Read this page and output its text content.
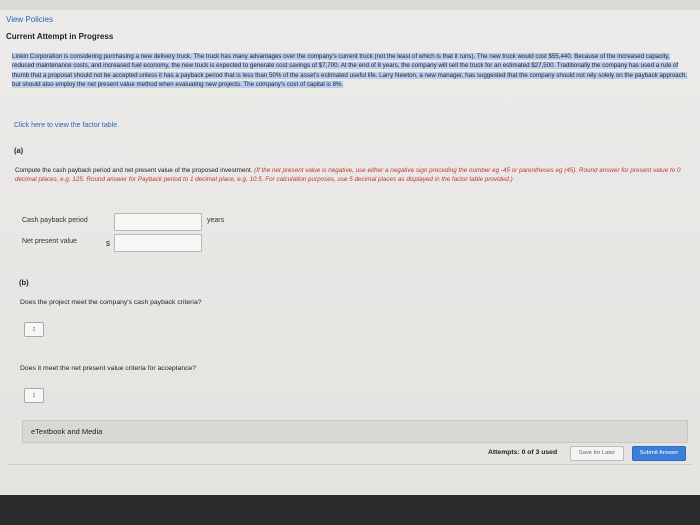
View Policies
Current Attempt in Progress
Linkin Corporation is considering purchasing a new delivery truck. The truck has many advantages over the company's current truck (not the least of which is that it runs). The new truck would cost $55,440. Because of the increased capacity, reduced maintenance costs, and increased fuel economy, the new truck is expected to generate cost savings of $7,700. At the end of 8 years, the company will sell the truck for an estimated $27,500. Traditionally the company has used a rule of thumb that a proposal should not be accepted unless it has a payback period that is less than 50% of the asset's estimated useful life. Larry Newton, a new manager, has suggested that the company should not rely solely on the payback approach, but should also employ the net present value method when evaluating new projects. The company's cost of capital is 8%.
Click here to view the factor table.
(a)
Compute the cash payback period and net present value of the proposed investment. (If the net present value is negative, use either a negative sign preceding the number eg -45 or parentheses eg (45). Round answer for present value to 0 decimal places, e.g. 125. Round answer for Payback period to 1 decimal place, e.g. 10.5. For calculation purposes, use 5 decimal places as displayed in the factor table provided.)
Cash payback period	years
Net present value	$
(b)
Does the project meet the company's cash payback criteria?
↕
Does it meet the net present value criteria for acceptance?
↕
eTextbook and Media
Attempts: 0 of 3 used	Save for Later	Submit Answer
